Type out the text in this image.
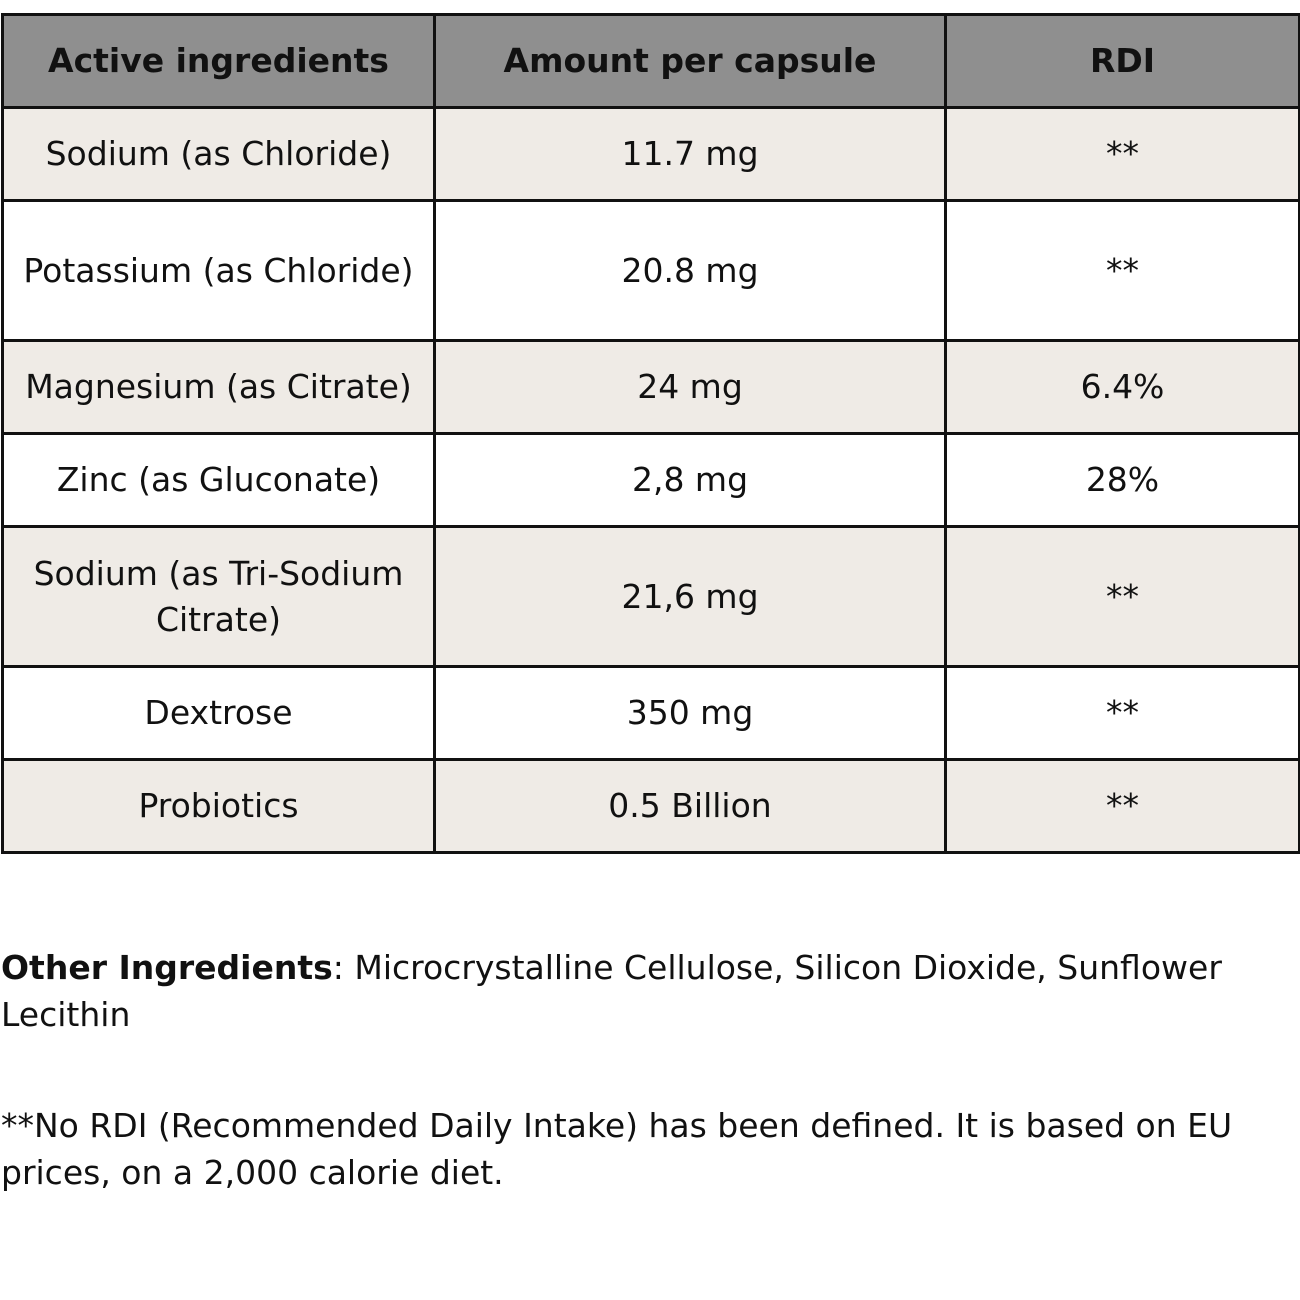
Active ingredients	Amount per capsule	RDI
Sodium (as Chloride)	11.7 mg	**
Potassium (as Chloride)	20.8 mg	**
Magnesium (as Citrate)	24 mg	6.4%
Zinc (as Gluconate)	2,8 mg	28%
Sodium (as Tri-Sodium Citrate)	21,6 mg	**
Dextrose	350 mg	**
Probiotics	0.5 Billion	**

Other Ingredients: Microcrystalline Cellulose, Silicon Dioxide, Sunflower Lecithin

**No RDI (Recommended Daily Intake) has been defined. It is based on EU prices, on a 2,000 calorie diet.
